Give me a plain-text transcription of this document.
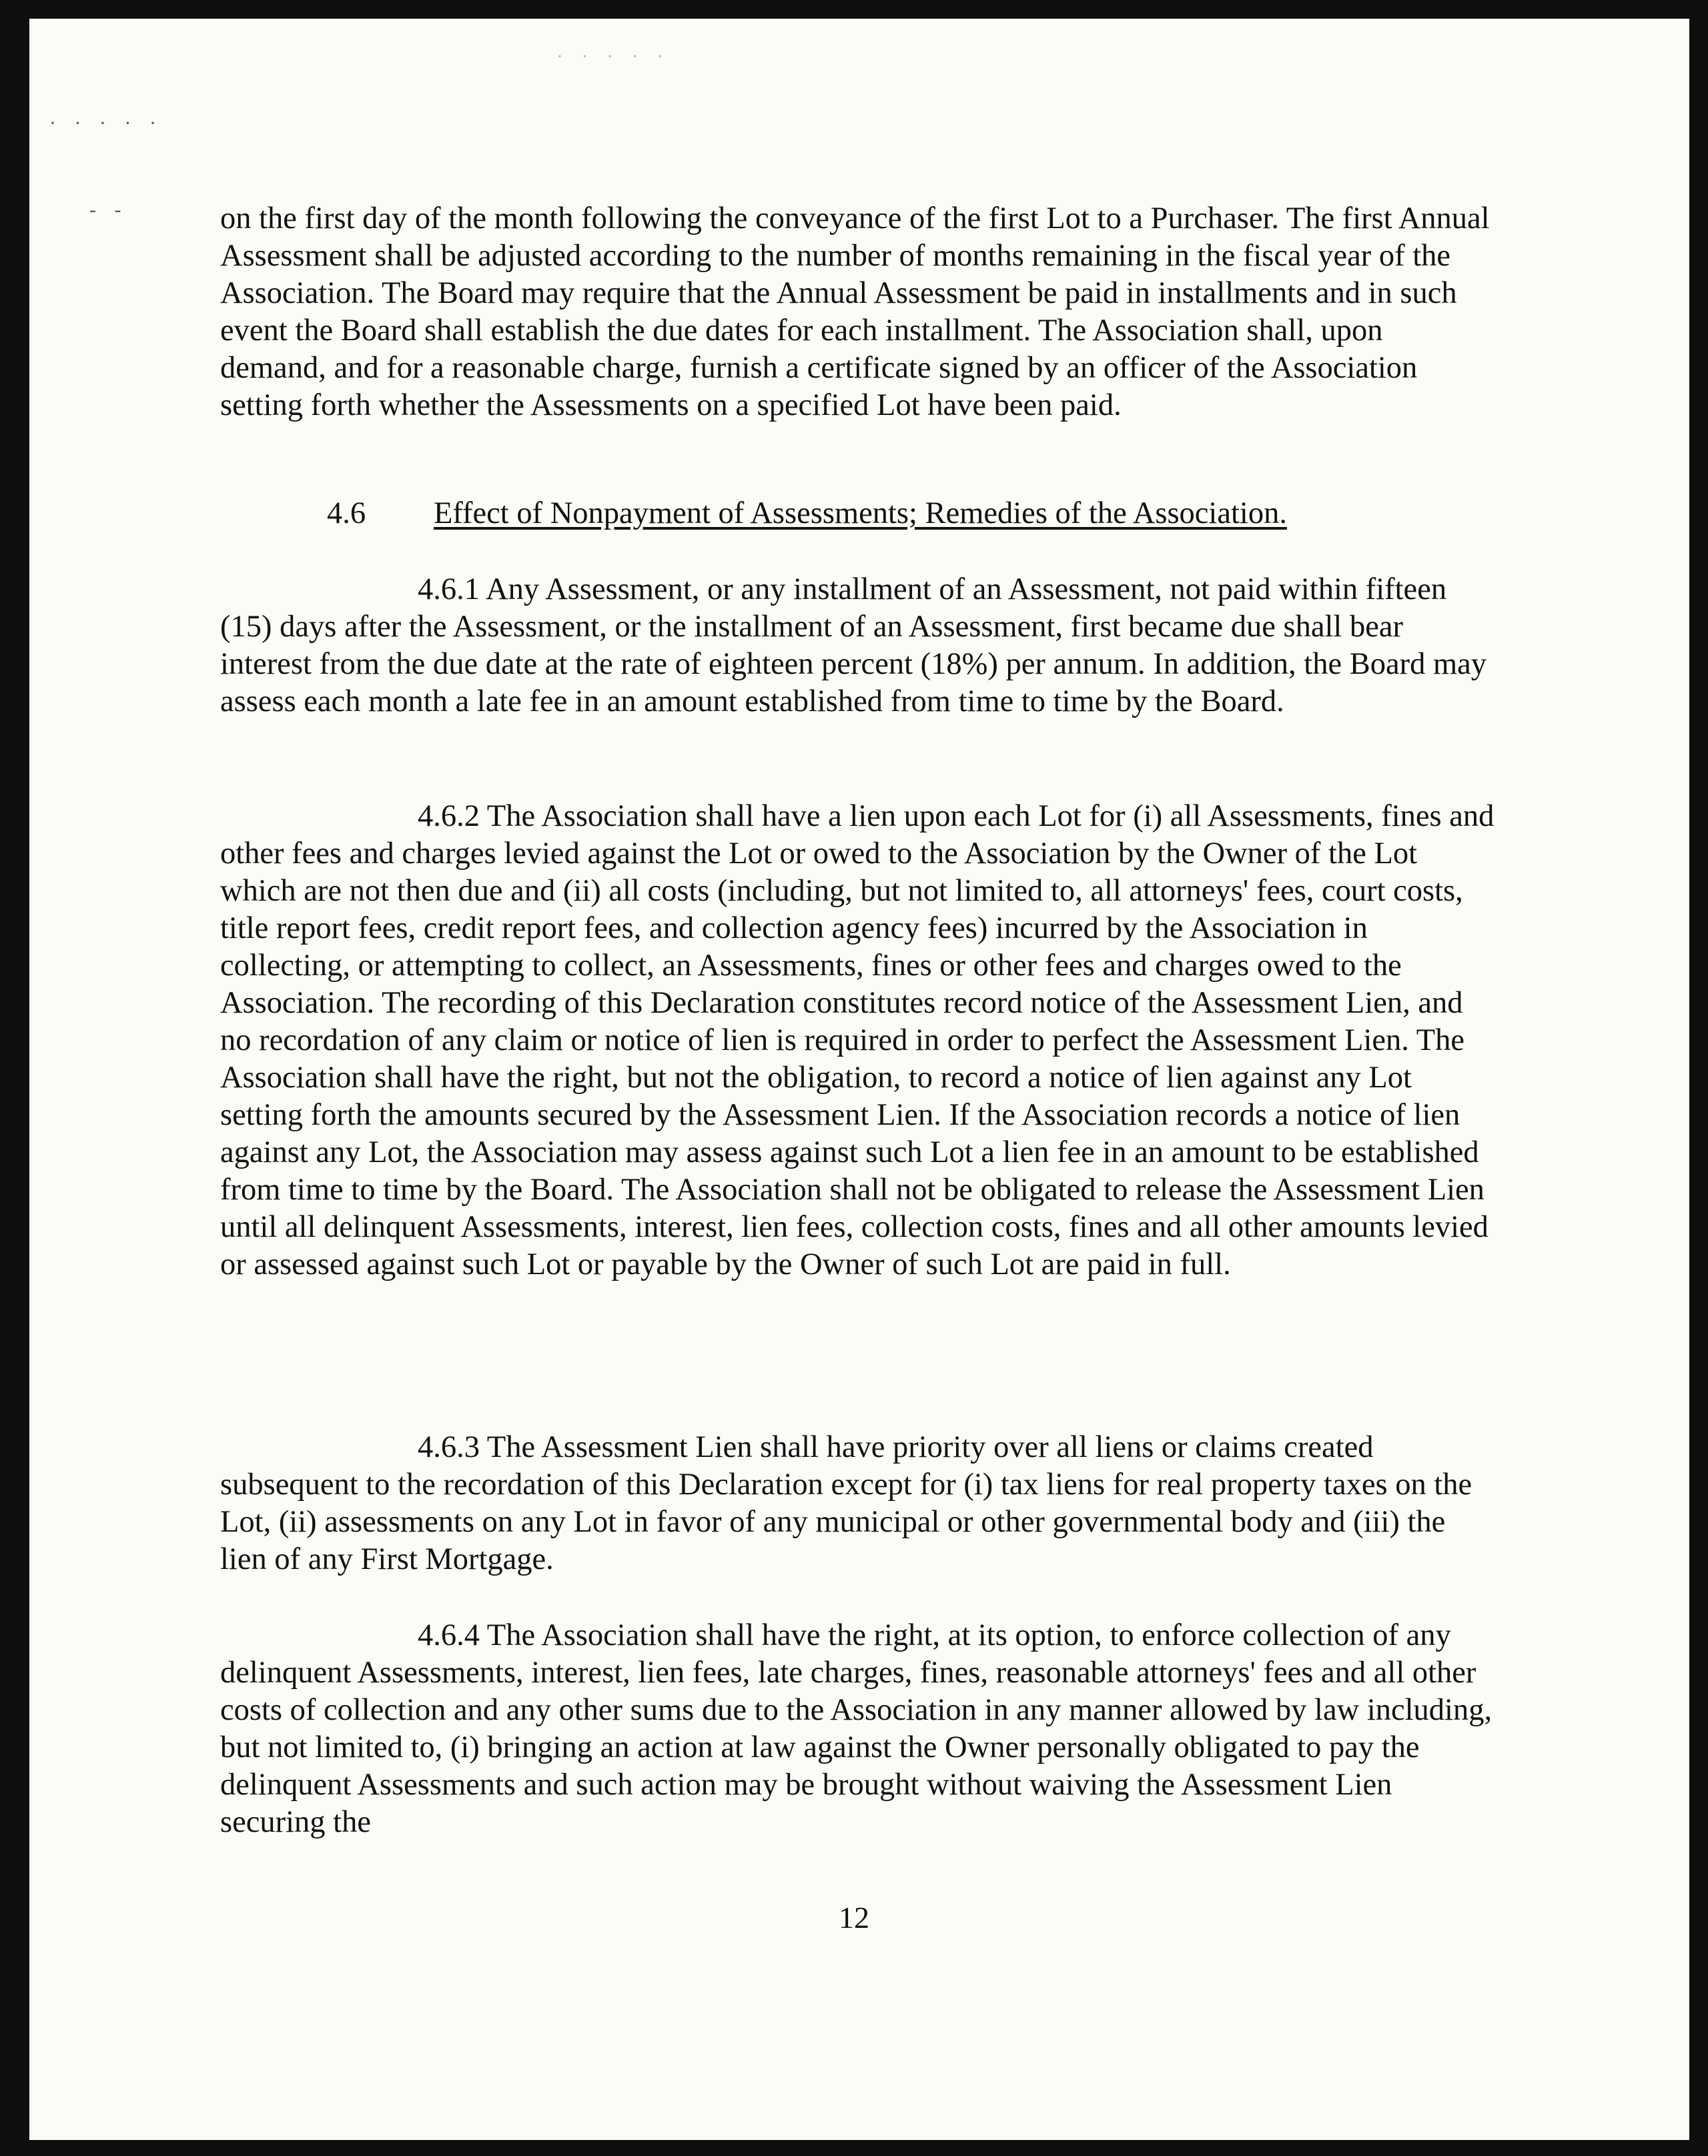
· · · · ·
· · · · ·
- -	on the first day of the month following the conveyance of the first Lot to a Purchaser. The first Annual Assessment shall be adjusted according to the number of months remaining in the fiscal year of the Association. The Board may require that the Annual Assessment be paid in installments and in such event the Board shall establish the due dates for each installment. The Association shall, upon demand, and for a reasonable charge, furnish a certificate signed by an officer of the Association setting forth whether the Assessments on a specified Lot have been paid.

4.6 Effect of Nonpayment of Assessments; Remedies of the Association.

4.6.1 Any Assessment, or any installment of an Assessment, not paid within fifteen (15) days after the Assessment, or the installment of an Assessment, first became due shall bear interest from the due date at the rate of eighteen percent (18%) per annum. In addition, the Board may assess each month a late fee in an amount established from time to time by the Board.

4.6.2 The Association shall have a lien upon each Lot for (i) all Assessments, fines and other fees and charges levied against the Lot or owed to the Association by the Owner of the Lot which are not then due and (ii) all costs (including, but not limited to, all attorneys' fees, court costs, title report fees, credit report fees, and collection agency fees) incurred by the Association in collecting, or attempting to collect, an Assessments, fines or other fees and charges owed to the Association. The recording of this Declaration constitutes record notice of the Assessment Lien, and no recordation of any claim or notice of lien is required in order to perfect the Assessment Lien. The Association shall have the right, but not the obligation, to record a notice of lien against any Lot setting forth the amounts secured by the Assessment Lien. If the Association records a notice of lien against any Lot, the Association may assess against such Lot a lien fee in an amount to be established from time to time by the Board. The Association shall not be obligated to release the Assessment Lien until all delinquent Assessments, interest, lien fees, collection costs, fines and all other amounts levied or assessed against such Lot or payable by the Owner of such Lot are paid in full.

4.6.3 The Assessment Lien shall have priority over all liens or claims created subsequent to the recordation of this Declaration except for (i) tax liens for real property taxes on the Lot, (ii) assessments on any Lot in favor of any municipal or other governmental body and (iii) the lien of any First Mortgage.

4.6.4 The Association shall have the right, at its option, to enforce collection of any delinquent Assessments, interest, lien fees, late charges, fines, reasonable attorneys' fees and all other costs of collection and any other sums due to the Association in any manner allowed by law including, but not limited to, (i) bringing an action at law against the Owner personally obligated to pay the delinquent Assessments and such action may be brought without waiving the Assessment Lien securing the

12
